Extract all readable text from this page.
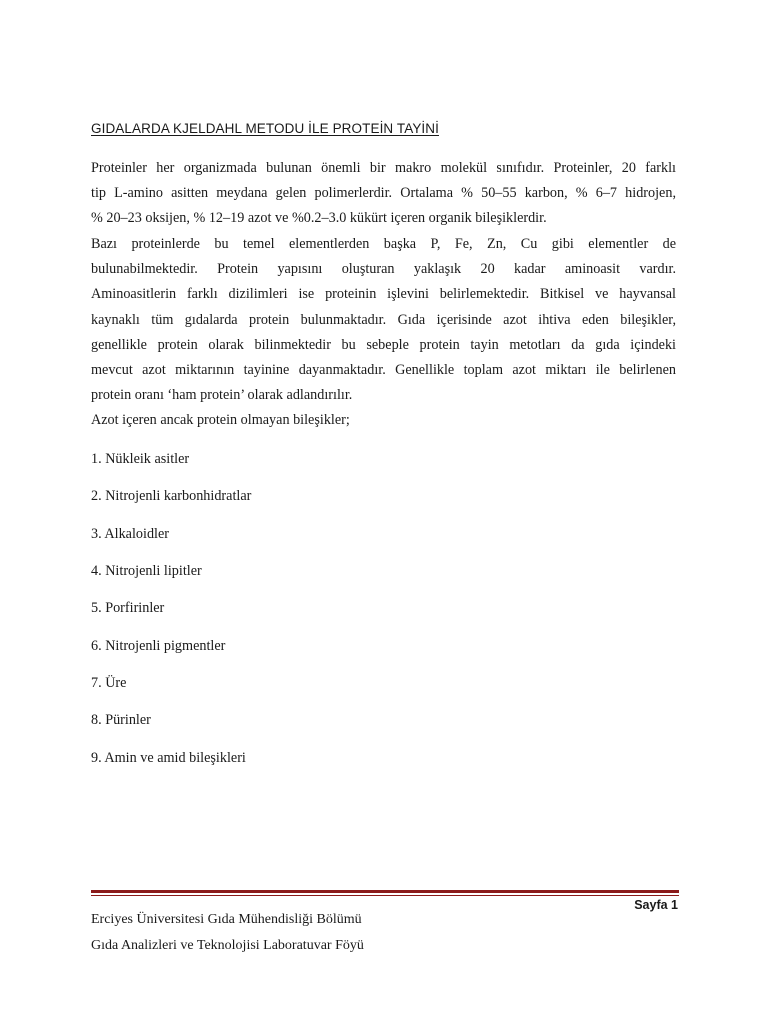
GIDALARDA KJELDAHL METODU İLE PROTEİN TAYİNİ
Proteinler her organizmada bulunan önemli bir makro molekül sınıfıdır. Proteinler, 20 farklı
tip L-amino asitten meydana gelen polimerlerdir. Ortalama % 50–55 karbon, % 6–7 hidrojen,
% 20–23 oksijen, % 12–19 azot ve %0.2–3.0 kükürt içeren organik bileşiklerdir.
Bazı proteinlerde bu temel elementlerden başka P, Fe, Zn, Cu gibi elementler de
bulunabilmektedir. Protein yapısını oluşturan yaklaşık 20 kadar aminoasit vardır.
Aminoasitlerin farklı dizilimleri ise proteinin işlevini belirlemektedir. Bitkisel ve hayvansal
kaynaklı tüm gıdalarda protein bulunmaktadır. Gıda içerisinde azot ihtiva eden bileşikler,
genellikle protein olarak bilinmektedir bu sebeple protein tayin metotları da gıda içindeki
mevcut azot miktarının tayinine dayanmaktadır. Genellikle toplam azot miktarı ile belirlenen
protein oranı ‘ham protein’ olarak adlandırılır.
Azot içeren ancak protein olmayan bileşikler;
1. Nükleik asitler
2. Nitrojenli karbonhidratlar
3. Alkaloidler
4. Nitrojenli lipitler
5. Porfirinler
6. Nitrojenli pigmentler
7. Üre
8. Pürinler
9. Amin ve amid bileşikleri
Sayfa 1
Erciyes Üniversitesi Gıda Mühendisliği Bölümü
Gıda Analizleri ve Teknolojisi Laboratuvar Föyü
